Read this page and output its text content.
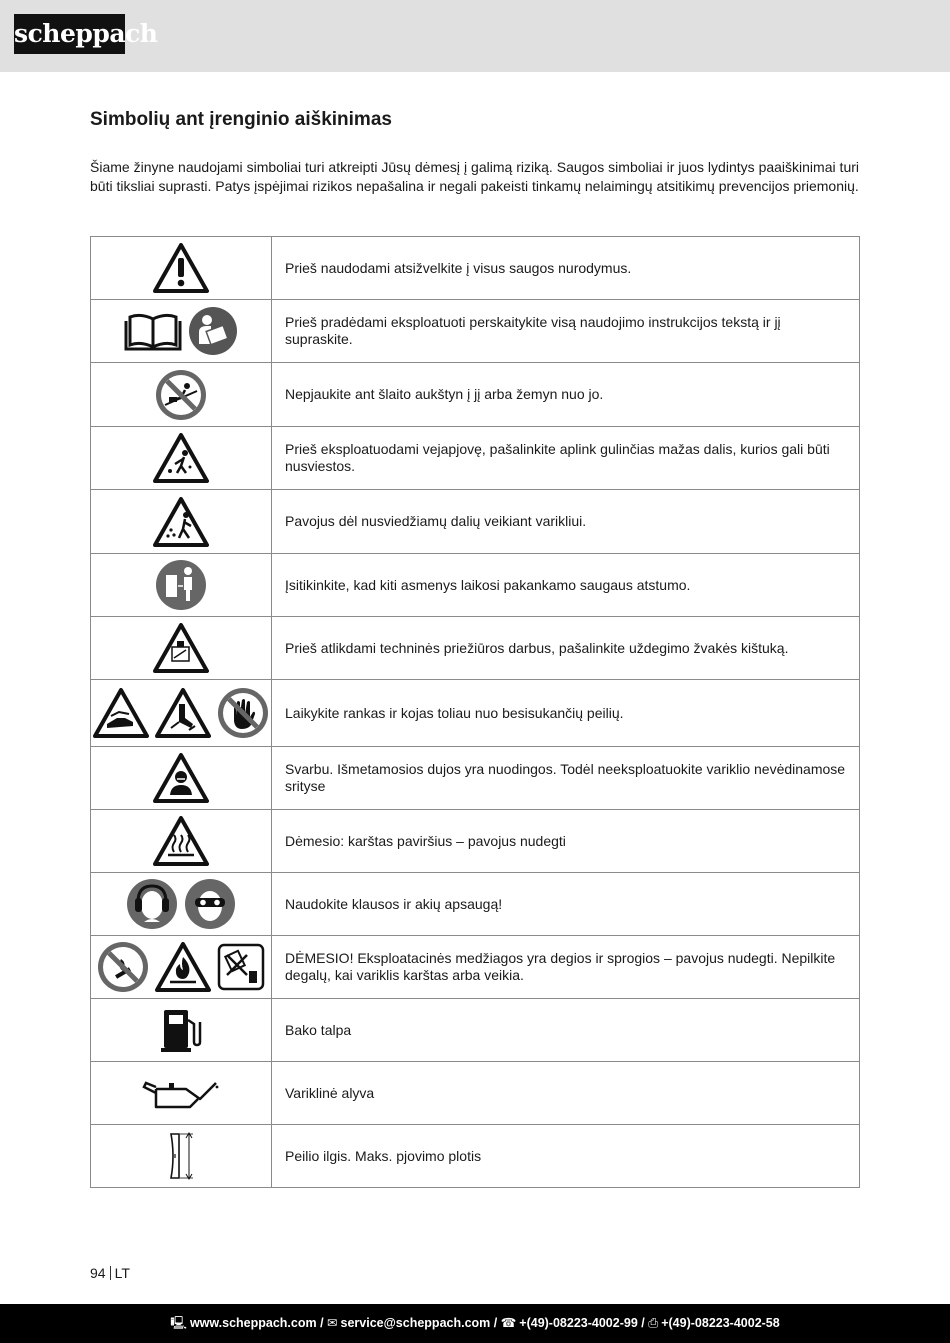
scheppach
Simbolių ant įrenginio aiškinimas

Šiame žinyne naudojami simboliai turi atkreipti Jūsų dėmesį į galimą riziką. Saugos simboliai ir juos lydintys paaiškinimai turi būti tiksliai suprasti. Patys įspėjimai rizikos nepašalina ir negali pakeisti tinkamų nelaimingų atsitikimų prevencijos priemonių.

	Prieš naudodami atsižvelkite į visus saugos nurodymus.
	Prieš pradėdami eksploatuoti perskaitykite visą naudojimo instrukcijos tekstą ir jį supraskite.
	Nepjaukite ant šlaito aukštyn į jį arba žemyn nuo jo.
	Prieš eksploatuodami vejapjovę, pašalinkite aplink gulinčias mažas dalis, kurios gali būti nusviestos.
	Pavojus dėl nusviedžiamų dalių veikiant varikliui.
	Įsitikinkite, kad kiti asmenys laikosi pakankamo saugaus atstumo.
	Prieš atlikdami techninės priežiūros darbus, pašalinkite uždegimo žvakės kištuką.
	Laikykite rankas ir kojas toliau nuo besisukančių peilių.
	Svarbu. Išmetamosios dujos yra nuodingos. Todėl neeksploatuokite variklio nevėdinamose srityse
	Dėmesio: karštas paviršius – pavojus nudegti
	Naudokite klausos ir akių apsaugą!
	DĖMESIO! Eksploatacinės medžiagos yra degios ir sprogios – pavojus nudegti. Nepilkite degalų, kai variklis karštas arba veikia.
	Bako talpa
	Variklinė alyva
	Peilio ilgis. Maks. pjovimo plotis
94 LT
🖳 www.scheppach.com / ✉ service@scheppach.com / ☎ +(49)-08223-4002-99 / ⎙ +(49)-08223-4002-58
